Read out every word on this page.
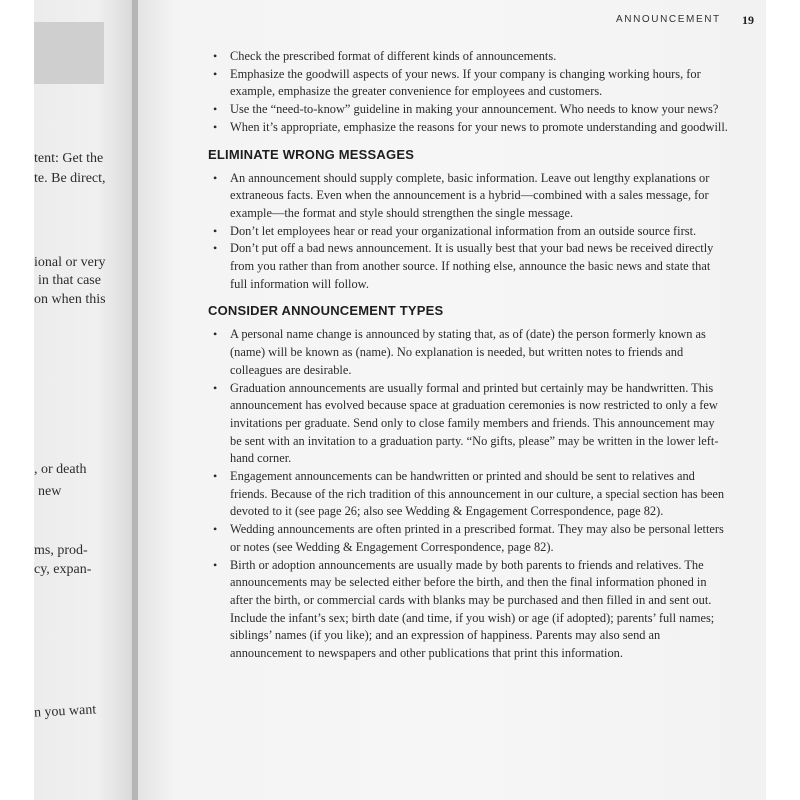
tent: Get the
te. Be direct,
ional or very
in that case
on when this
, or death
new
ms, prod-
cy, expan-
n you want
ANNOUNCEMENT 19
• Check the prescribed format of different kinds of announcements.
• Emphasize the goodwill aspects of your news. If your company is changing working hours, for example, emphasize the greater convenience for employees and customers.
• Use the “need-to-know” guideline in making your announcement. Who needs to know your news?
• When it’s appropriate, emphasize the reasons for your news to promote understanding and goodwill.
ELIMINATE WRONG MESSAGES
• An announcement should supply complete, basic information. Leave out lengthy explanations or extraneous facts. Even when the announcement is a hybrid—combined with a sales message, for example—the format and style should strengthen the single message.
• Don’t let employees hear or read your organizational information from an outside source first.
• Don’t put off a bad news announcement. It is usually best that your bad news be received directly from you rather than from another source. If nothing else, announce the basic news and state that full information will follow.
CONSIDER ANNOUNCEMENT TYPES
• A personal name change is announced by stating that, as of (date) the person formerly known as (name) will be known as (name). No explanation is needed, but written notes to friends and colleagues are desirable.
• Graduation announcements are usually formal and printed but certainly may be handwritten. This announcement has evolved because space at graduation ceremonies is now restricted to only a few invitations per graduate. Send only to close family members and friends. This announcement may be sent with an invitation to a graduation party. “No gifts, please” may be written in the lower left-hand corner.
• Engagement announcements can be handwritten or printed and should be sent to relatives and friends. Because of the rich tradition of this announcement in our culture, a special section has been devoted to it (see page 26; also see Wedding & Engagement Correspondence, page 82).
• Wedding announcements are often printed in a prescribed format. They may also be personal letters or notes (see Wedding & Engagement Correspondence, page 82).
• Birth or adoption announcements are usually made by both parents to friends and relatives. The announcements may be selected either before the birth, and then the final information phoned in after the birth, or commercial cards with blanks may be purchased and then filled in and sent out. Include the infant’s sex; birth date (and time, if you wish) or age (if adopted); parents’ full names; siblings’ names (if you like); and an expression of happiness. Parents may also send an announcement to newspapers and other publications that print this information.
